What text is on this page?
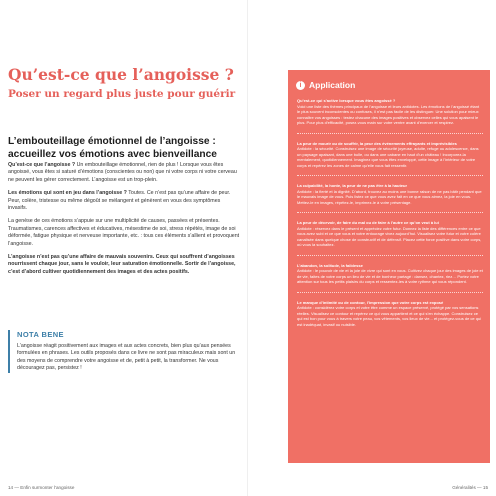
Qu’est-ce que l’angoisse ?
Poser un regard plus juste pour guérir
L’embouteillage émotionnel de l’angoisse : accueillez vos émotions avec bienveillance

Qu’est-ce que l’angoisse ? Un embouteillage émotionnel, rien de plus ! Lorsque vous êtes angoissé, vous êtes si saturé d’émotions (conscientes ou non) que ni votre corps ni votre cerveau ne peuvent les gérer correctement. L’angoisse est un trop-plein.

Les émotions qui sont en jeu dans l’angoisse ? Toutes. Ce n’est pas qu’une affaire de peur. Peur, colère, tristesse ou même dégoût se mélangent et génèrent en vous des symptômes invasifs.

La genèse de ces émotions s’appuie sur une multiplicité de causes, passées et présentes. Traumatismes, carences affectives et éducatives, mésestime de soi, stress répétés, image de soi déformée, fatigue physique et nerveuse importante, etc. : tous ces éléments s’allient et provoquent l’angoisse.

L’angoisse n’est pas qu’une affaire de mauvais souvenirs. Ceux qui souffrent d’angoisses nourrissent chaque jour, sans le vouloir, leur saturation émotionnelle. Sortir de l’angoisse, c’est d’abord cultiver quotidiennement des images et des actes positifs.

NOTA BENE
L’angoisse réagit positivement aux images et aux actes concrets, bien plus qu’aux pensées formulées en phrases. Les outils proposés dans ce livre ne sont pas miraculeux mais sont un des moyens de comprendre votre angoisse et de, petit à petit, la transformer. Ne vous découragez pas, persistez !
14 — Enfin surmonter l’angoisse
i Application
Qu’est-ce qui s’active lorsque vous êtes angoissé ?
Voici une liste des thèmes principaux de l’angoisse et leurs antidotes. Les émotions de l’angoissé étant le plus souvent inconscientes ou confuses, il n’est pas facile de les distinguer. Une solution pour mieux connaître vos angoisses : testez chacune des images positives et observez celles qui vous apaisent le plus. Pour plus d’efficacité, posez-vous main sur votre ventre avant d’exercer et respirez.
La peur de mourir ou de souffrir, la peur des événements effrayants et imprévisibles
Antidote : la sécurité. Construisez une image de sécurité joyeuse, adulte, refuge ou adolescence, dans un paysage apaisant, dans une bulle, ou dans une cabane en haut d’un château ! Incorporez-la mentalement, quotidiennement. Imaginez que vous êtes enveloppé, cette image à l’intérieur de votre corps et repérez les zones de calme qu’elle vous fait ressentir.
La culpabilité, la honte, la peur de ne pas être à la hauteur
Antidote : la fierté et la dignité. D’abord, trouvez au moins une bonne raison de ne pas bâtir pendant que le mauvais image de vous. Puis listez ce que vous avez fait en ce que vous aimez, la joie en vous. Mettez-le en images, répétez-le, imprimez-le à votre présentage.
La peur de décevoir, de faire du mal ou de faire à l’autre ce qu’on veut à lui
Antidote : réservez dans le présent et appréciez votre futur. Donnez la liste des différences entre ce que vous avez subi et ce que vous et votre entourage vivez aujourd’hui. Visualisez votre futur et votre colère canalisée dans quelque chose de constructif et de défensif. Placez cette force positive dans votre corps, où vous la souhaitez.
L’abandon, la solitude, la faiblesse
Antidote : le pouvoir de vie et la joie de vivre qui sont en vous. Cultivez chaque jour des images de joie et de vie, faites de votre corps un lieu de vie et de bonheur partagé : dansez, chantez, riez… Portez votre attention sur tous les petits plaisirs du corps et ressentez-les à votre rythme qui vous répondent.
Le manque d’intimité ou de contour, l’impression que votre corps est exposé
Antidote : considérez votre corps et votre être comme un espace préservé, protégé par vos sensations réelles. Visualisez ce contour et repérez ce qui vous appartient et ce qui s’en échappe. Construisez ce qui est bon pour vous à travers votre peau, vos vêtements, vos lieux de vie... et protégez-vous de ce qui est inadéquat, invasif ou nuisible.
Généralités — 15
